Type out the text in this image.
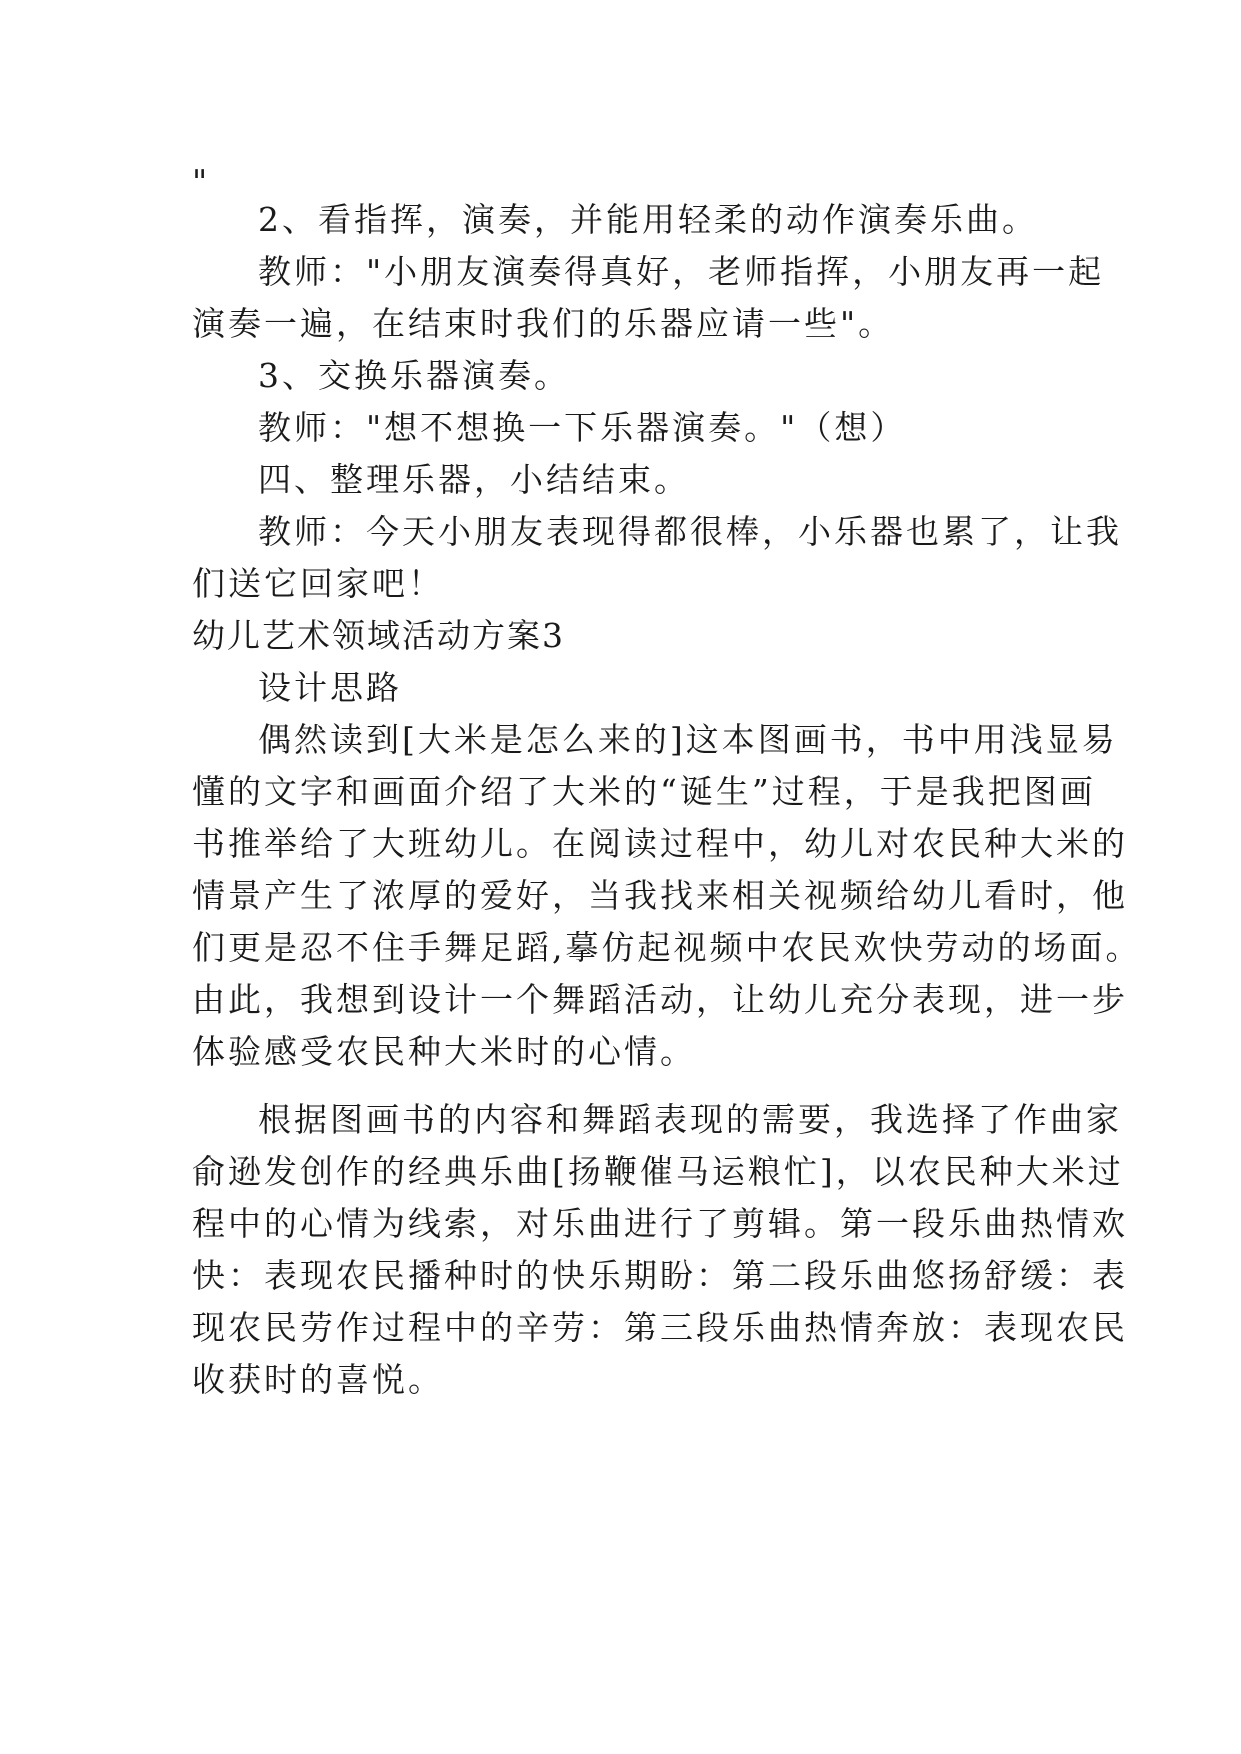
"
2、看指挥，演奏，并能用轻柔的动作演奏乐曲。
教师："小朋友演奏得真好，老师指挥，小朋友再一起
演奏一遍，在结束时我们的乐器应请一些"。
3、交换乐器演奏。
教师："想不想换一下乐器演奏。"（想）
四、整理乐器，小结结束。
教师：今天小朋友表现得都很棒，小乐器也累了，让我
们送它回家吧！
幼儿艺术领域活动方案3
设计思路
偶然读到[大米是怎么来的]这本图画书，书中用浅显易
懂的文字和画面介绍了大米的“诞生”过程，于是我把图画
书推举给了大班幼儿。在阅读过程中，幼儿对农民种大米的
情景产生了浓厚的爱好，当我找来相关视频给幼儿看时，他
们更是忍不住手舞足蹈,摹仿起视频中农民欢快劳动的场面。
由此，我想到设计一个舞蹈活动，让幼儿充分表现，进一步
体验感受农民种大米时的心情。
根据图画书的内容和舞蹈表现的需要，我选择了作曲家
俞逊发创作的经典乐曲[扬鞭催马运粮忙]，以农民种大米过
程中的心情为线索，对乐曲进行了剪辑。第一段乐曲热情欢
快：表现农民播种时的快乐期盼：第二段乐曲悠扬舒缓：表
现农民劳作过程中的辛劳：第三段乐曲热情奔放：表现农民
收获时的喜悦。
